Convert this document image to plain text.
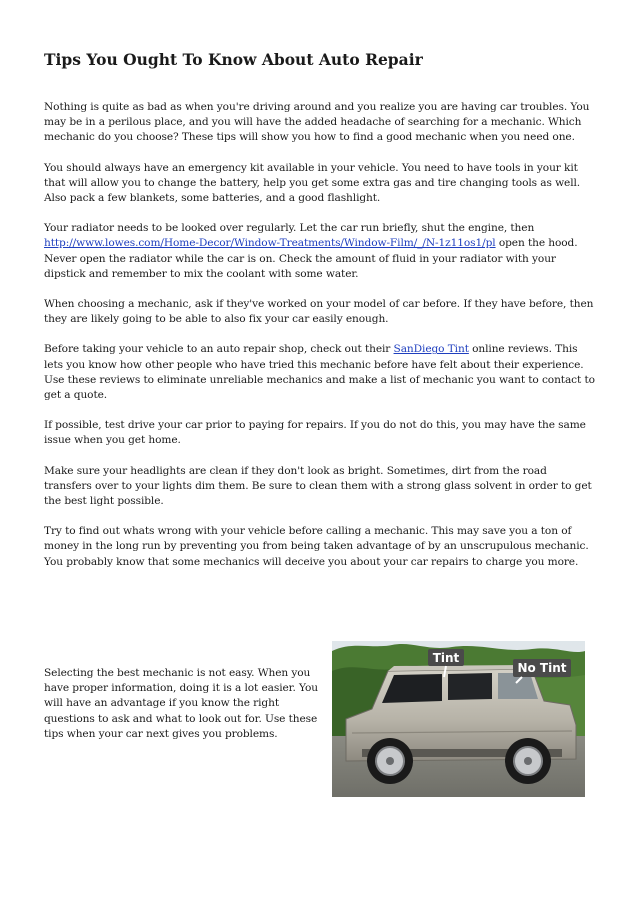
Tips You Ought To Know About Auto Repair

Nothing is quite as bad as when you're driving around and you realize you are having car troubles. You may be in a perilous place, and you will have the added headache of searching for a mechanic. Which mechanic do you choose? These tips will show you how to find a good mechanic when you need one.

You should always have an emergency kit available in your vehicle. You need to have tools in your kit that will allow you to change the battery, help you get some extra gas and tire changing tools as well. Also pack a few blankets, some batteries, and a good flashlight.

Your radiator needs to be looked over regularly. Let the car run briefly, shut the engine, then http://www.lowes.com/Home-Decor/Window-Treatments/Window-Film/_/N-1z11os1/pl open the hood. Never open the radiator while the car is on. Check the amount of fluid in your radiator with your dipstick and remember to mix the coolant with some water.

When choosing a mechanic, ask if they've worked on your model of car before. If they have before, then they are likely going to be able to also fix your car easily enough.

Before taking your vehicle to an auto repair shop, check out their SanDiego Tint online reviews. This lets you know how other people who have tried this mechanic before have felt about their experience. Use these reviews to eliminate unreliable mechanics and make a list of mechanic you want to contact to get a quote.

If possible, test drive your car prior to paying for repairs. If you do not do this, you may have the same issue when you get home.

Make sure your headlights are clean if they don't look as bright. Sometimes, dirt from the road transfers over to your lights dim them. Be sure to clean them with a strong glass solvent in order to get the best light possible.

Try to find out whats wrong with your vehicle before calling a mechanic. This may save you a ton of money in the long run by preventing you from being taken advantage of by an unscrupulous mechanic. You probably know that some mechanics will deceive you about your car repairs to charge you more.

Selecting the best mechanic is not easy. When you have proper information, doing it is a lot easier. You will have an advantage if you know the right questions to ask and what to look out for. Use these tips when your car next gives you problems.

Tint
No Tint
